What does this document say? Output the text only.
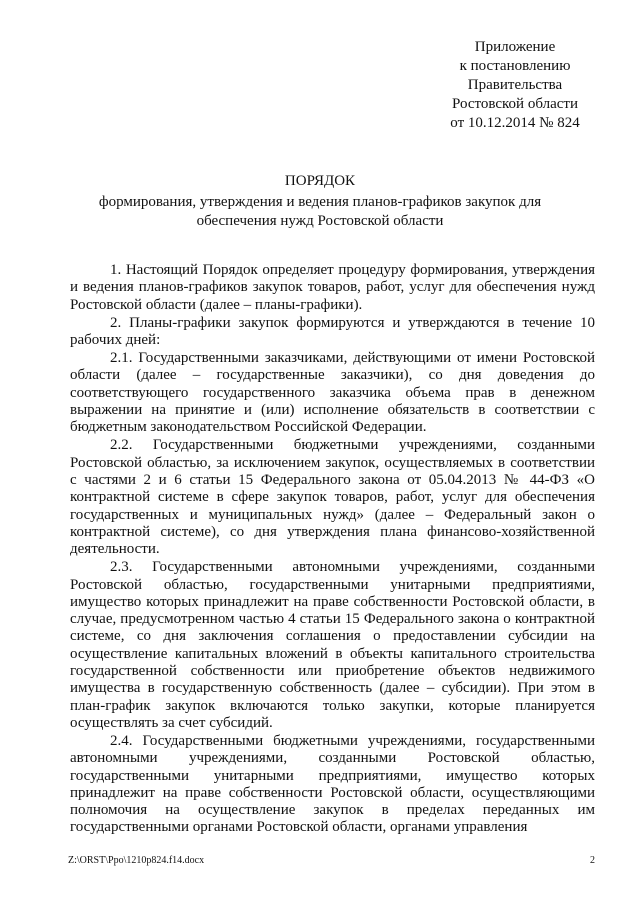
Приложение
к постановлению
Правительства
Ростовской области
от 10.12.2014 № 824
ПОРЯДОК
формирования, утверждения и ведения планов-графиков закупок для
обеспечения нужд Ростовской области

1. Настоящий Порядок определяет процедуру формирования, утверждения и ведения планов-графиков закупок товаров, работ, услуг для обеспечения нужд Ростовской области (далее – планы-графики).

2. Планы-графики закупок формируются и утверждаются в течение 10 рабочих дней:

2.1. Государственными заказчиками, действующими от имени Ростовской области (далее – государственные заказчики), со дня доведения до соответствующего государственного заказчика объема прав в денежном выражении на принятие и (или) исполнение обязательств в соответствии с бюджетным законодательством Российской Федерации.

2.2. Государственными бюджетными учреждениями, созданными Ростовской областью, за исключением закупок, осуществляемых в соответствии с частями 2 и 6 статьи 15 Федерального закона от 05.04.2013 № 44-ФЗ «О контрактной системе в сфере закупок товаров, работ, услуг для обеспечения государственных и муниципальных нужд» (далее – Федеральный закон о контрактной системе), со дня утверждения плана финансово-хозяйственной деятельности.

2.3. Государственными автономными учреждениями, созданными Ростовской областью, государственными унитарными предприятиями, имущество которых принадлежит на праве собственности Ростовской области, в случае, предусмотренном частью 4 статьи 15 Федерального закона о контрактной системе, со дня заключения соглашения о предоставлении субсидии на осуществление капитальных вложений в объекты капитального строительства государственной собственности или приобретение объектов недвижимого имущества в государственную собственность (далее – субсидии). При этом в план-график закупок включаются только закупки, которые планируется осуществлять за счет субсидий.

2.4. Государственными бюджетными учреждениями, государственными автономными учреждениями, созданными Ростовской областью, государственными унитарными предприятиями, имущество которых принадлежит на праве собственности Ростовской области, осуществляющими полномочия на осуществление закупок в пределах переданных им государственными органами Ростовской области, органами управления

Z:\ORST\Ppo\1210p824.f14.docx	2
